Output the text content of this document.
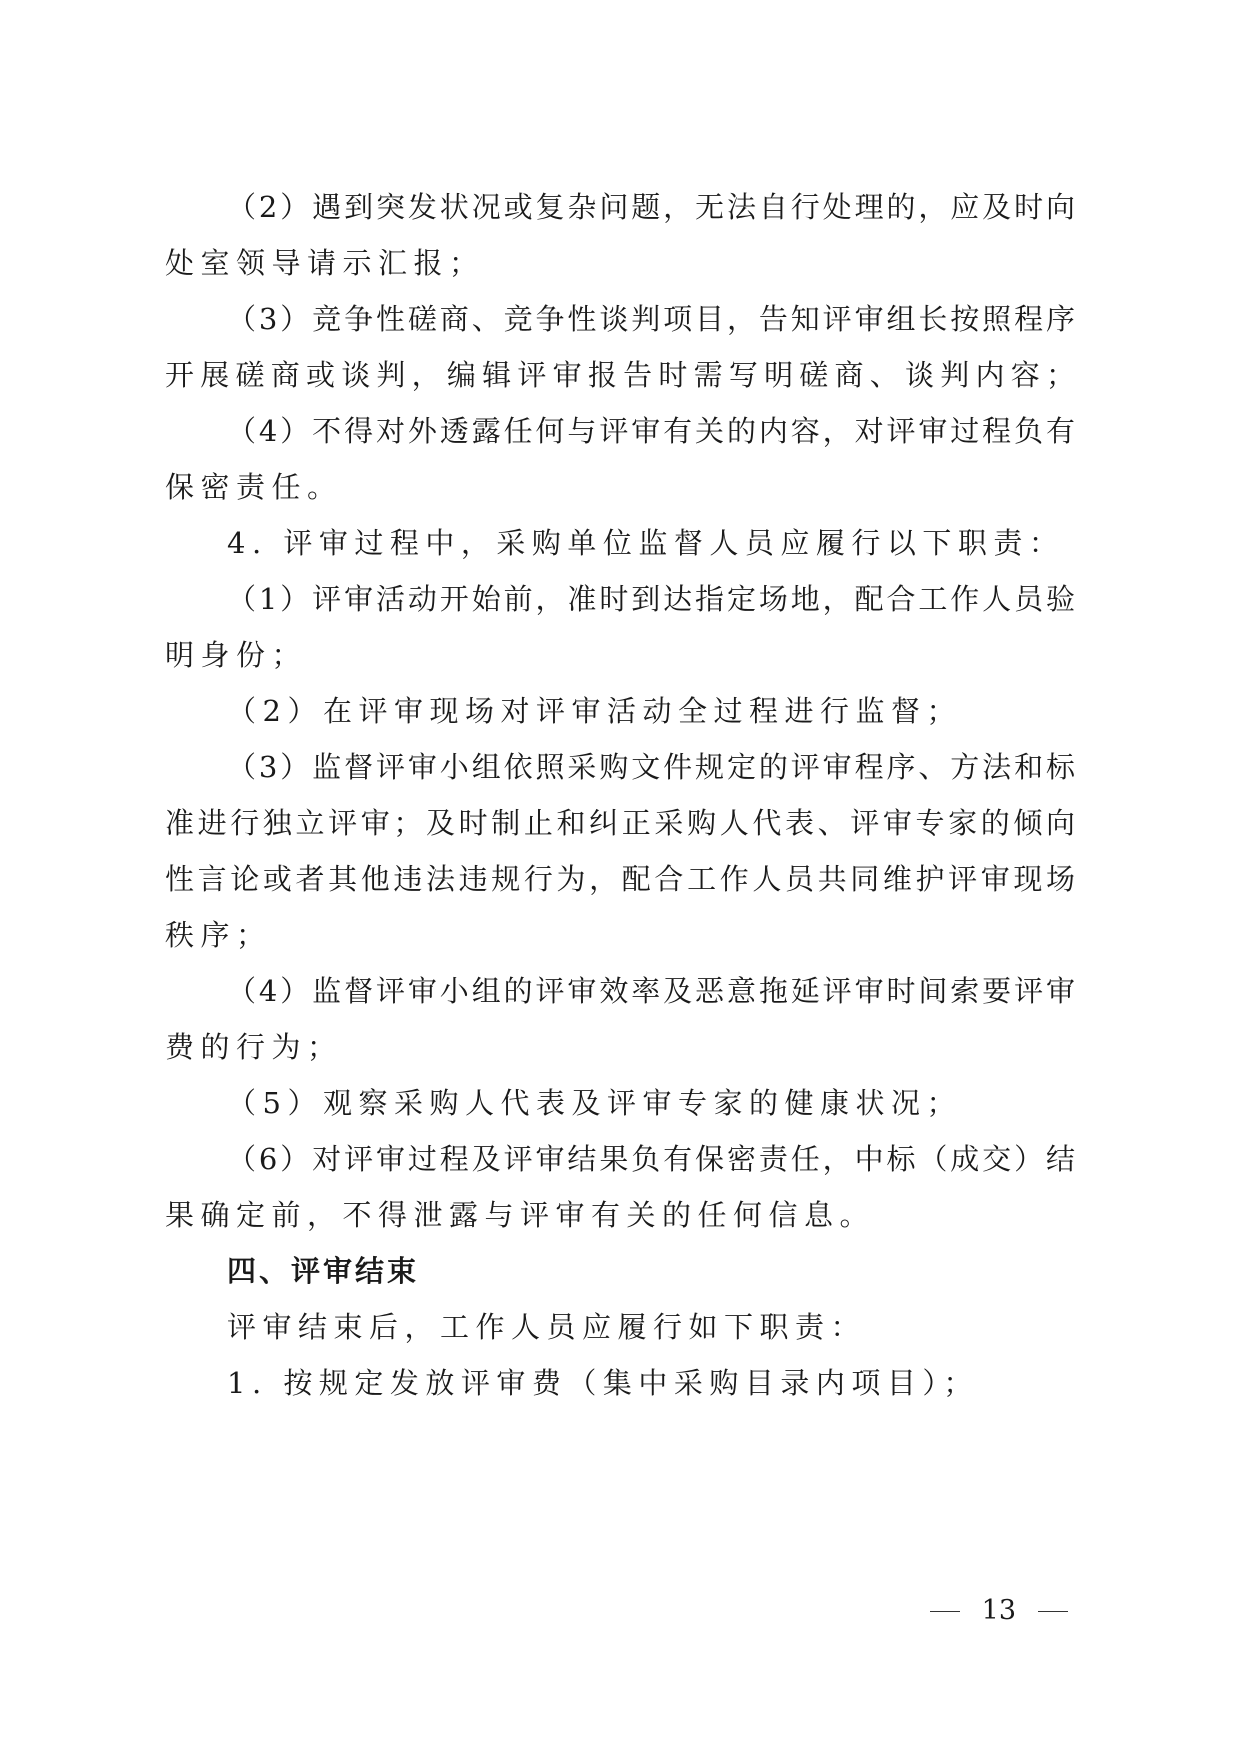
（2）遇到突发状况或复杂问题，无法自行处理的，应及时向
处室领导请示汇报；
（3）竞争性磋商、竞争性谈判项目，告知评审组长按照程序
开展磋商或谈判，编辑评审报告时需写明磋商、谈判内容；
（4）不得对外透露任何与评审有关的内容，对评审过程负有
保密责任。
4. 评审过程中，采购单位监督人员应履行以下职责：
（1）评审活动开始前，准时到达指定场地，配合工作人员验
明身份；
（2）在评审现场对评审活动全过程进行监督；
（3）监督评审小组依照采购文件规定的评审程序、方法和标
准进行独立评审；及时制止和纠正采购人代表、评审专家的倾向
性言论或者其他违法违规行为，配合工作人员共同维护评审现场
秩序；
（4）监督评审小组的评审效率及恶意拖延评审时间索要评审
费的行为；
（5）观察采购人代表及评审专家的健康状况；
（6）对评审过程及评审结果负有保密责任，中标（成交）结
果确定前，不得泄露与评审有关的任何信息。
四、评审结束
评审结束后，工作人员应履行如下职责：
1. 按规定发放评审费（集中采购目录内项目）；
13
